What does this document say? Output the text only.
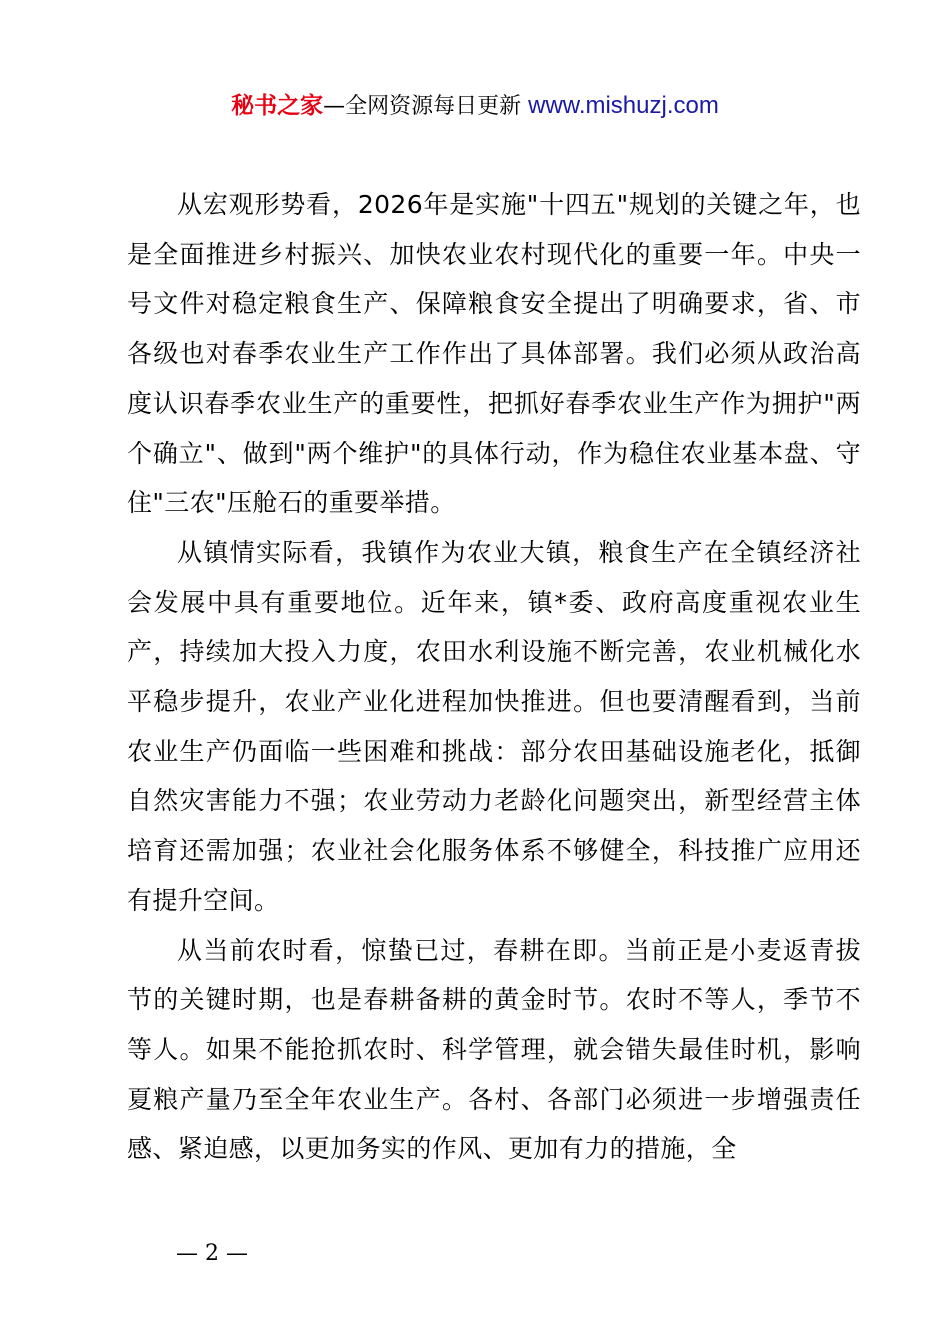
秘书之家—全网资源每日更新 www.mishuzj.com

从宏观形势看，2026年是实施"十四五"规划的关键之年，也是全面推进乡村振兴、加快农业农村现代化的重要一年。中央一号文件对稳定粮食生产、保障粮食安全提出了明确要求，省、市各级也对春季农业生产工作作出了具体部署。我们必须从政治高度认识春季农业生产的重要性，把抓好春季农业生产作为拥护"两个确立"、做到"两个维护"的具体行动，作为稳住农业基本盘、守住"三农"压舱石的重要举措。

从镇情实际看，我镇作为农业大镇，粮食生产在全镇经济社会发展中具有重要地位。近年来，镇*委、政府高度重视农业生产，持续加大投入力度，农田水利设施不断完善，农业机械化水平稳步提升，农业产业化进程加快推进。但也要清醒看到，当前农业生产仍面临一些困难和挑战：部分农田基础设施老化，抵御自然灾害能力不强；农业劳动力老龄化问题突出，新型经营主体培育还需加强；农业社会化服务体系不够健全，科技推广应用还有提升空间。

从当前农时看，惊蛰已过，春耕在即。当前正是小麦返青拔节的关键时期，也是春耕备耕的黄金时节。农时不等人，季节不等人。如果不能抢抓农时、科学管理，就会错失最佳时机，影响夏粮产量乃至全年农业生产。各村、各部门必须进一步增强责任感、紧迫感，以更加务实的作风、更加有力的措施，全

— 2 —
